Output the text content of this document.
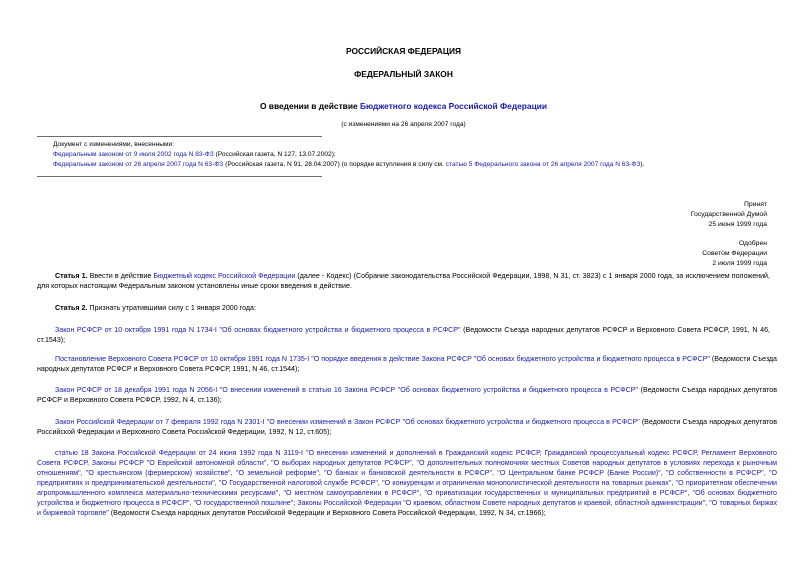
РОССИЙСКАЯ ФЕДЕРАЦИЯ
ФЕДЕРАЛЬНЫЙ ЗАКОН
О введении в действие Бюджетного кодекса Российской Федерации
(с изменениями на 26 апреля 2007 года)
Документ с изменениями, внесенными:
Федеральным законом от 9 июля 2002 года N 83-ФЗ (Российская газета, N 127, 13.07.2002);
Федеральным законом от 26 апреля 2007 года N 63-ФЗ (Российская газета, N 91, 28.04.2007) (о порядке вступления в силу см. статью 5 Федерального закона от 26 апреля 2007 года N 63-ФЗ).
Принят
Государственной Думой
25 июня 1999 года
Одобрен
Советом Федерации
2 июля 1999 года
Статья 1. Ввести в действие Бюджетный кодекс Российской Федерации (далее - Кодекс) (Собрание законодательства Российской Федерации, 1998, N 31, ст. 3823) с 1 января 2000 года, за исключением положений, для которых настоящим Федеральным законом установлены иные сроки введения в действие.
Статья 2. Признать утратившими силу с 1 января 2000 года:
Закон РСФСР от 10 октября 1991 года N 1734-I "Об основах бюджетного устройства и бюджетного процесса в РСФСР" (Ведомости Съезда народных депутатов РСФСР и Верховного Совета РСФСР, 1991, N 46, ст.1543);
Постановление Верховного Совета РСФСР от 10 октября 1991 года N 1735-I "О порядке введения в действие Закона РСФСР "Об основах бюджетного устройства и бюджетного процесса в РСФСР" (Ведомости Съезда народных депутатов РСФСР и Верховного Совета РСФСР, 1991, N 46, ст.1544);
Закон РСФСР от 18 декабря 1991 года N 2056-I "О внесении изменений в статью 16 Закона РСФСР "Об основах бюджетного устройства и бюджетного процесса в РСФСР" (Ведомости Съезда народных депутатов РСФСР и Верховного Совета РСФСР, 1992, N 4, ст.136);
Закон Российской Федерации от 7 февраля 1992 года N 2301-I "О внесении изменений в Закон РСФСР "Об основах бюджетного устройства и бюджетного процесса в РСФСР" (Ведомости Съезда народных депутатов Российской Федерации и Верховного Совета Российской Федерации, 1992, N 12, ст.605);
статью 18 Закона Российской Федерации от 24 июня 1992 года N 3119-I "О внесении изменений и дополнений в Гражданский кодекс РСФСР, Гражданский процессуальный кодекс РСФСР, Регламент Верховного Совета РСФСР, Законы РСФСР "О Еврейской автономной области", "О выборах народных депутатов РСФСР", "О дополнительных полномочиях местных Советов народных депутатов в условиях перехода к рыночным отношениям", "О крестьянском (фермерском) хозяйстве", "О земельной реформе", "О банках и банковской деятельности в РСФСР", "О Центральном банке РСФСР (Банке России)", "О собственности в РСФСР", "О предприятиях и предпринимательской деятельности", "О Государственной налоговой службе РСФСР", "О конкуренции и ограничении монополистической деятельности на товарных рынках", "О приоритетном обеспечении агропромышленного комплекса материально-техническими ресурсами", "О местном самоуправлении в РСФСР", "О приватизации государственных и муниципальных предприятий в РСФСР", "Об основах бюджетного устройства и бюджетного процесса в РСФСР", "О государственной пошлине"; Законы Российской Федерации "О краевом, областном Совете народных депутатов и краевой, областной администрации", "О товарных биржах и биржевой торговле" (Ведомости Съезда народных депутатов Российской Федерации и Верховного Совета Российской Федерации, 1992, N 34, ст.1966);
